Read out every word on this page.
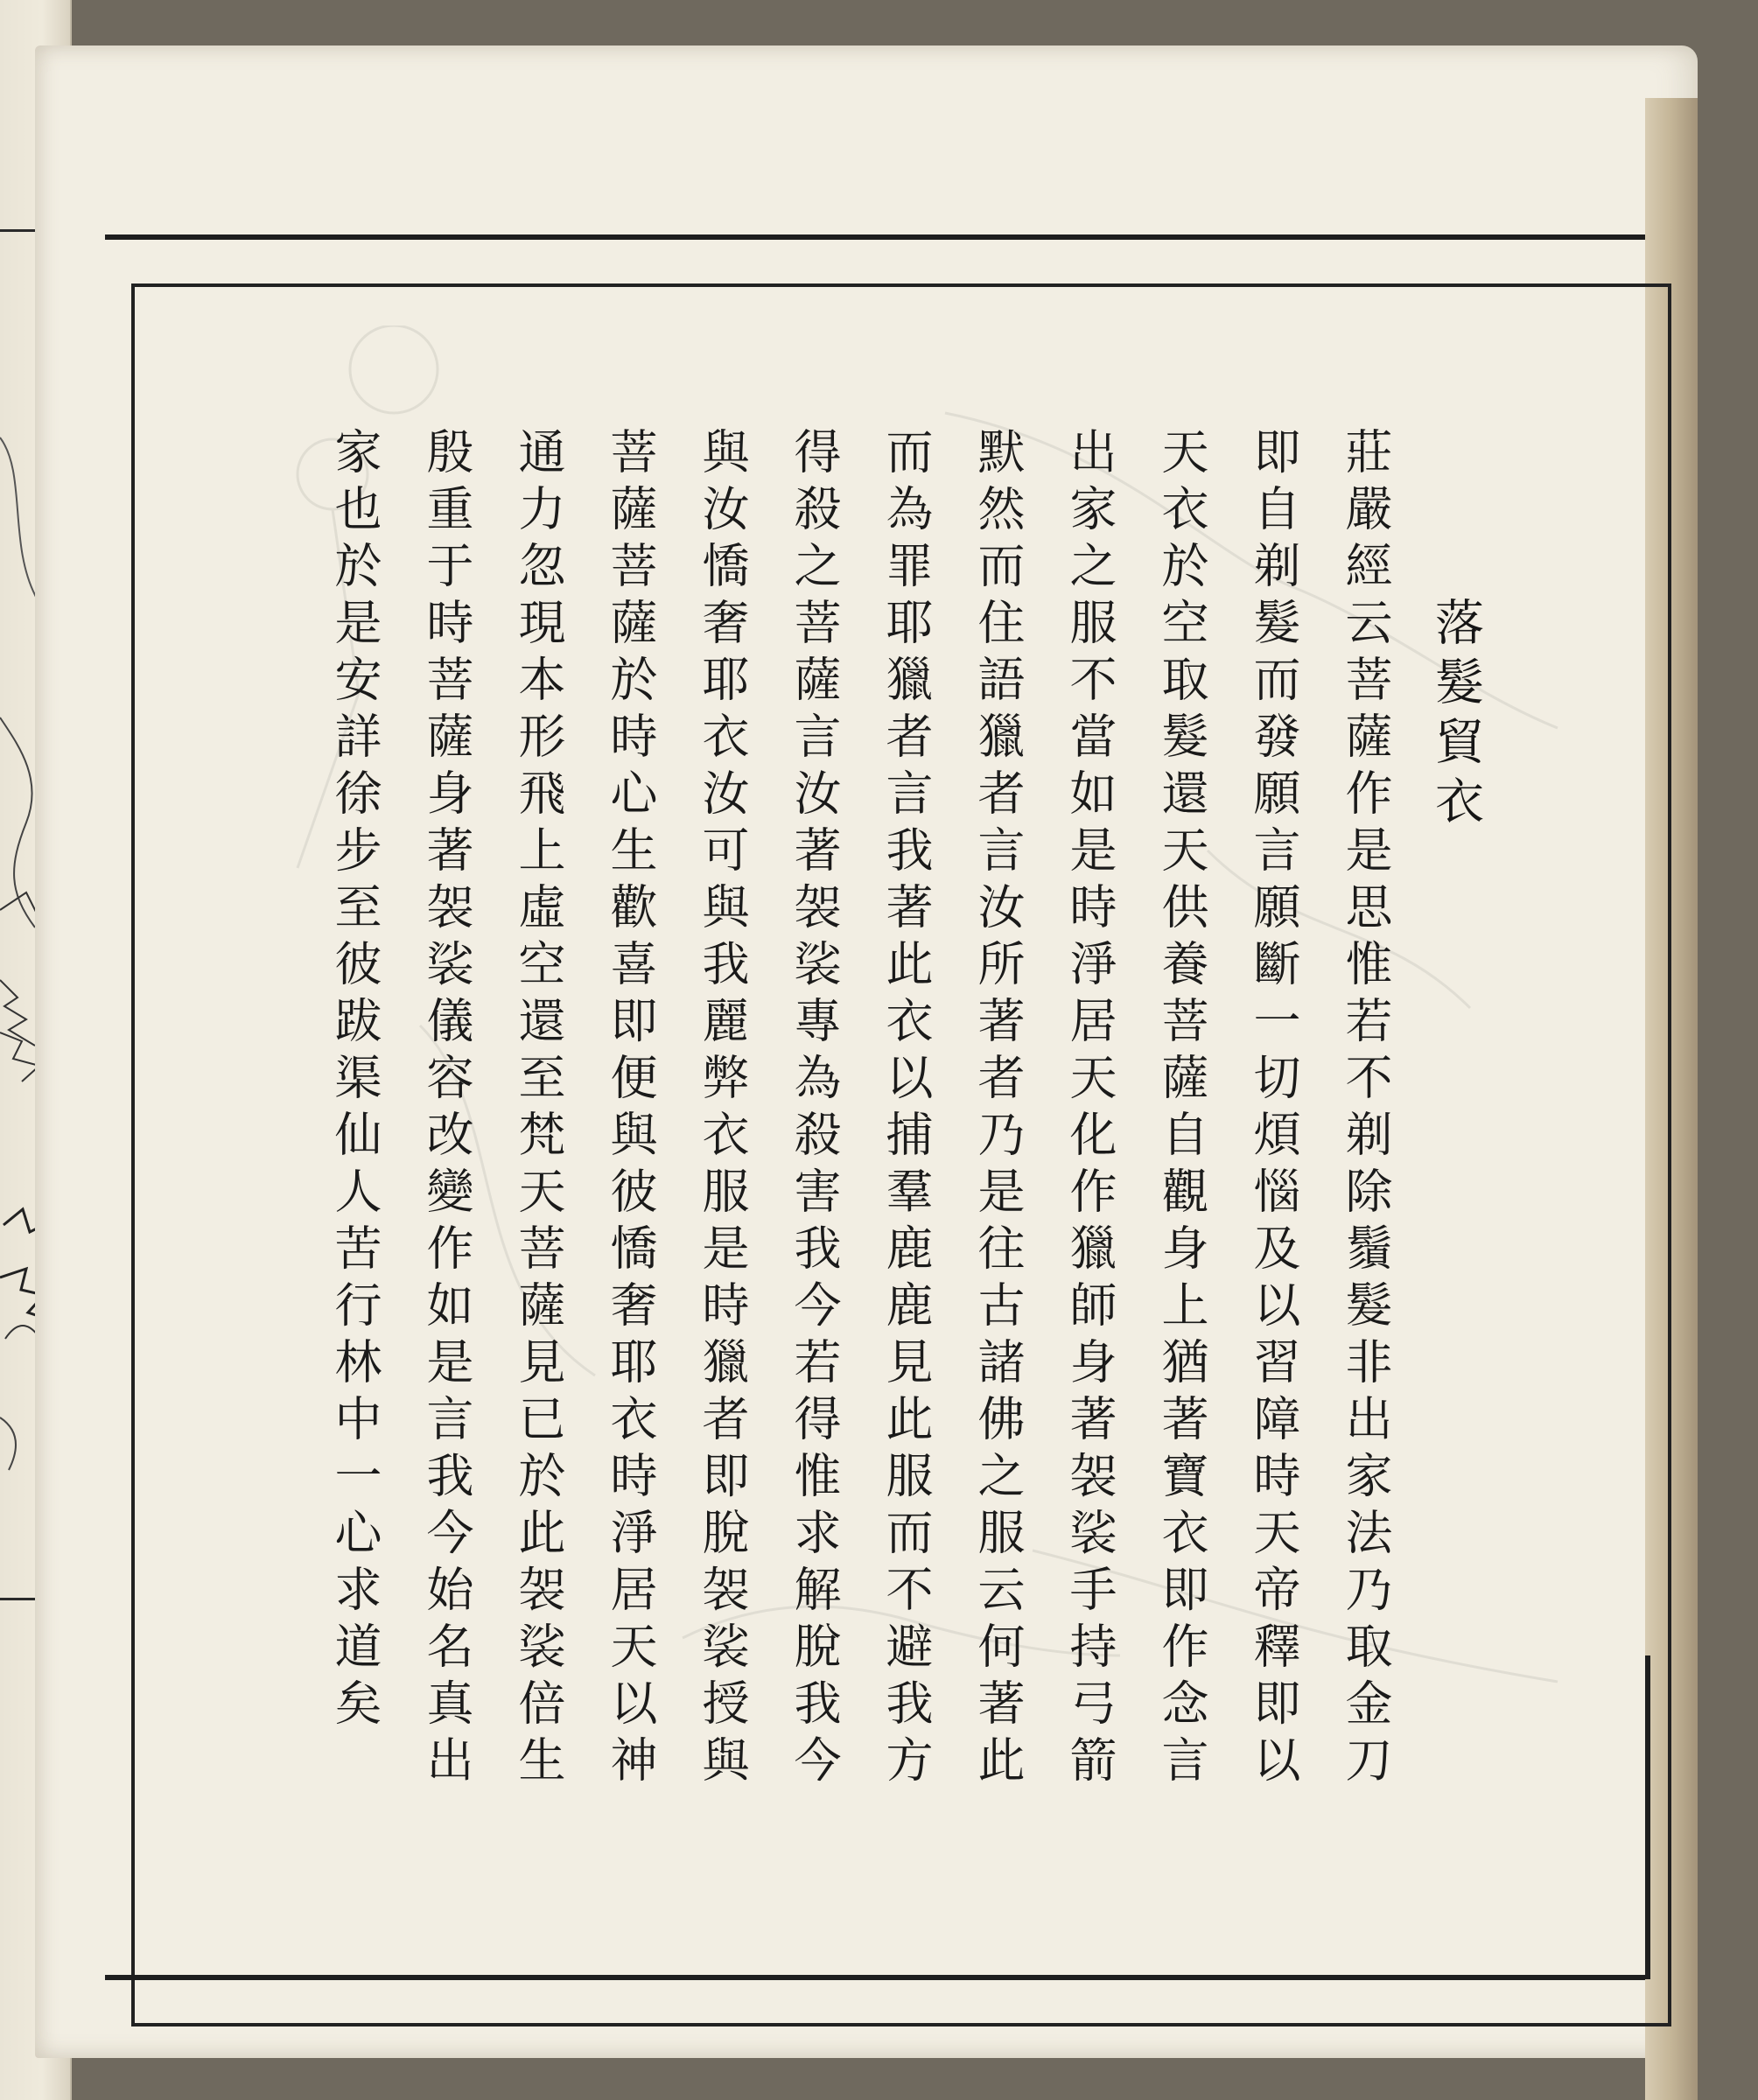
落髮貿衣
莊嚴經云菩薩作是思惟若不剃除鬚髮非出家法乃取金刀
即自剃髮而發願言願斷一切煩惱及以習障時天帝釋即以
天衣於空取髮還天供養菩薩自觀身上猶著寶衣即作念言
出家之服不當如是時淨居天化作獵師身著袈裟手持弓箭
默然而住語獵者言汝所著者乃是往古諸佛之服云何著此
而為罪耶獵者言我著此衣以捕羣鹿鹿見此服而不避我方
得殺之菩薩言汝著袈裟專為殺害我今若得惟求解脫我今
與汝憍奢耶衣汝可與我麗弊衣服是時獵者即脫袈裟授與
菩薩菩薩於時心生歡喜即便與彼憍奢耶衣時淨居天以神
通力忽現本形飛上虛空還至梵天菩薩見已於此袈裟倍生
殷重于時菩薩身著袈裟儀容改變作如是言我今始名真出
家也於是安詳徐步至彼跋渠仙人苦行林中一心求道矣
